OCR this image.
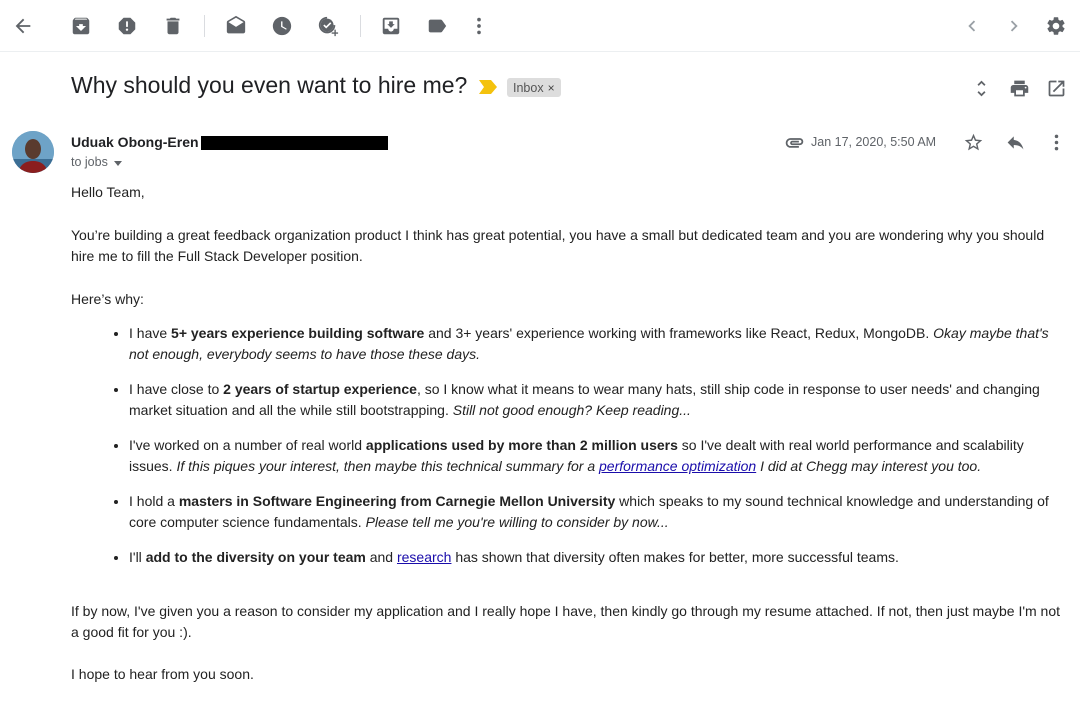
Why should you even want to hire me?	Inbox ×
Uduak Obong-Eren
to jobs
Jan 17, 2020, 5:50 AM

Hello Team,

You’re building a great feedback organization product I think has great potential, you have a small but dedicated team and you are wondering why you should hire me to fill the Full Stack Developer position.

Here’s why:

• I have 5+ years experience building software and 3+ years' experience working with frameworks like React, Redux, MongoDB. Okay maybe that's not enough, everybody seems to have those these days.
• I have close to 2 years of startup experience, so I know what it means to wear many hats, still ship code in response to user needs' and changing market situation and all the while still bootstrapping. Still not good enough? Keep reading...
• I've worked on a number of real world applications used by more than 2 million users so I've dealt with real world performance and scalability issues. If this piques your interest, then maybe this technical summary for a performance optimization I did at Chegg may interest you too.
• I hold a masters in Software Engineering from Carnegie Mellon University which speaks to my sound technical knowledge and understanding of core computer science fundamentals. Please tell me you're willing to consider by now...
• I'll add to the diversity on your team and research has shown that diversity often makes for better, more successful teams.

If by now, I've given you a reason to consider my application and I really hope I have, then kindly go through my resume attached. If not, then just maybe I'm not a good fit for you :).

I hope to hear from you soon.
